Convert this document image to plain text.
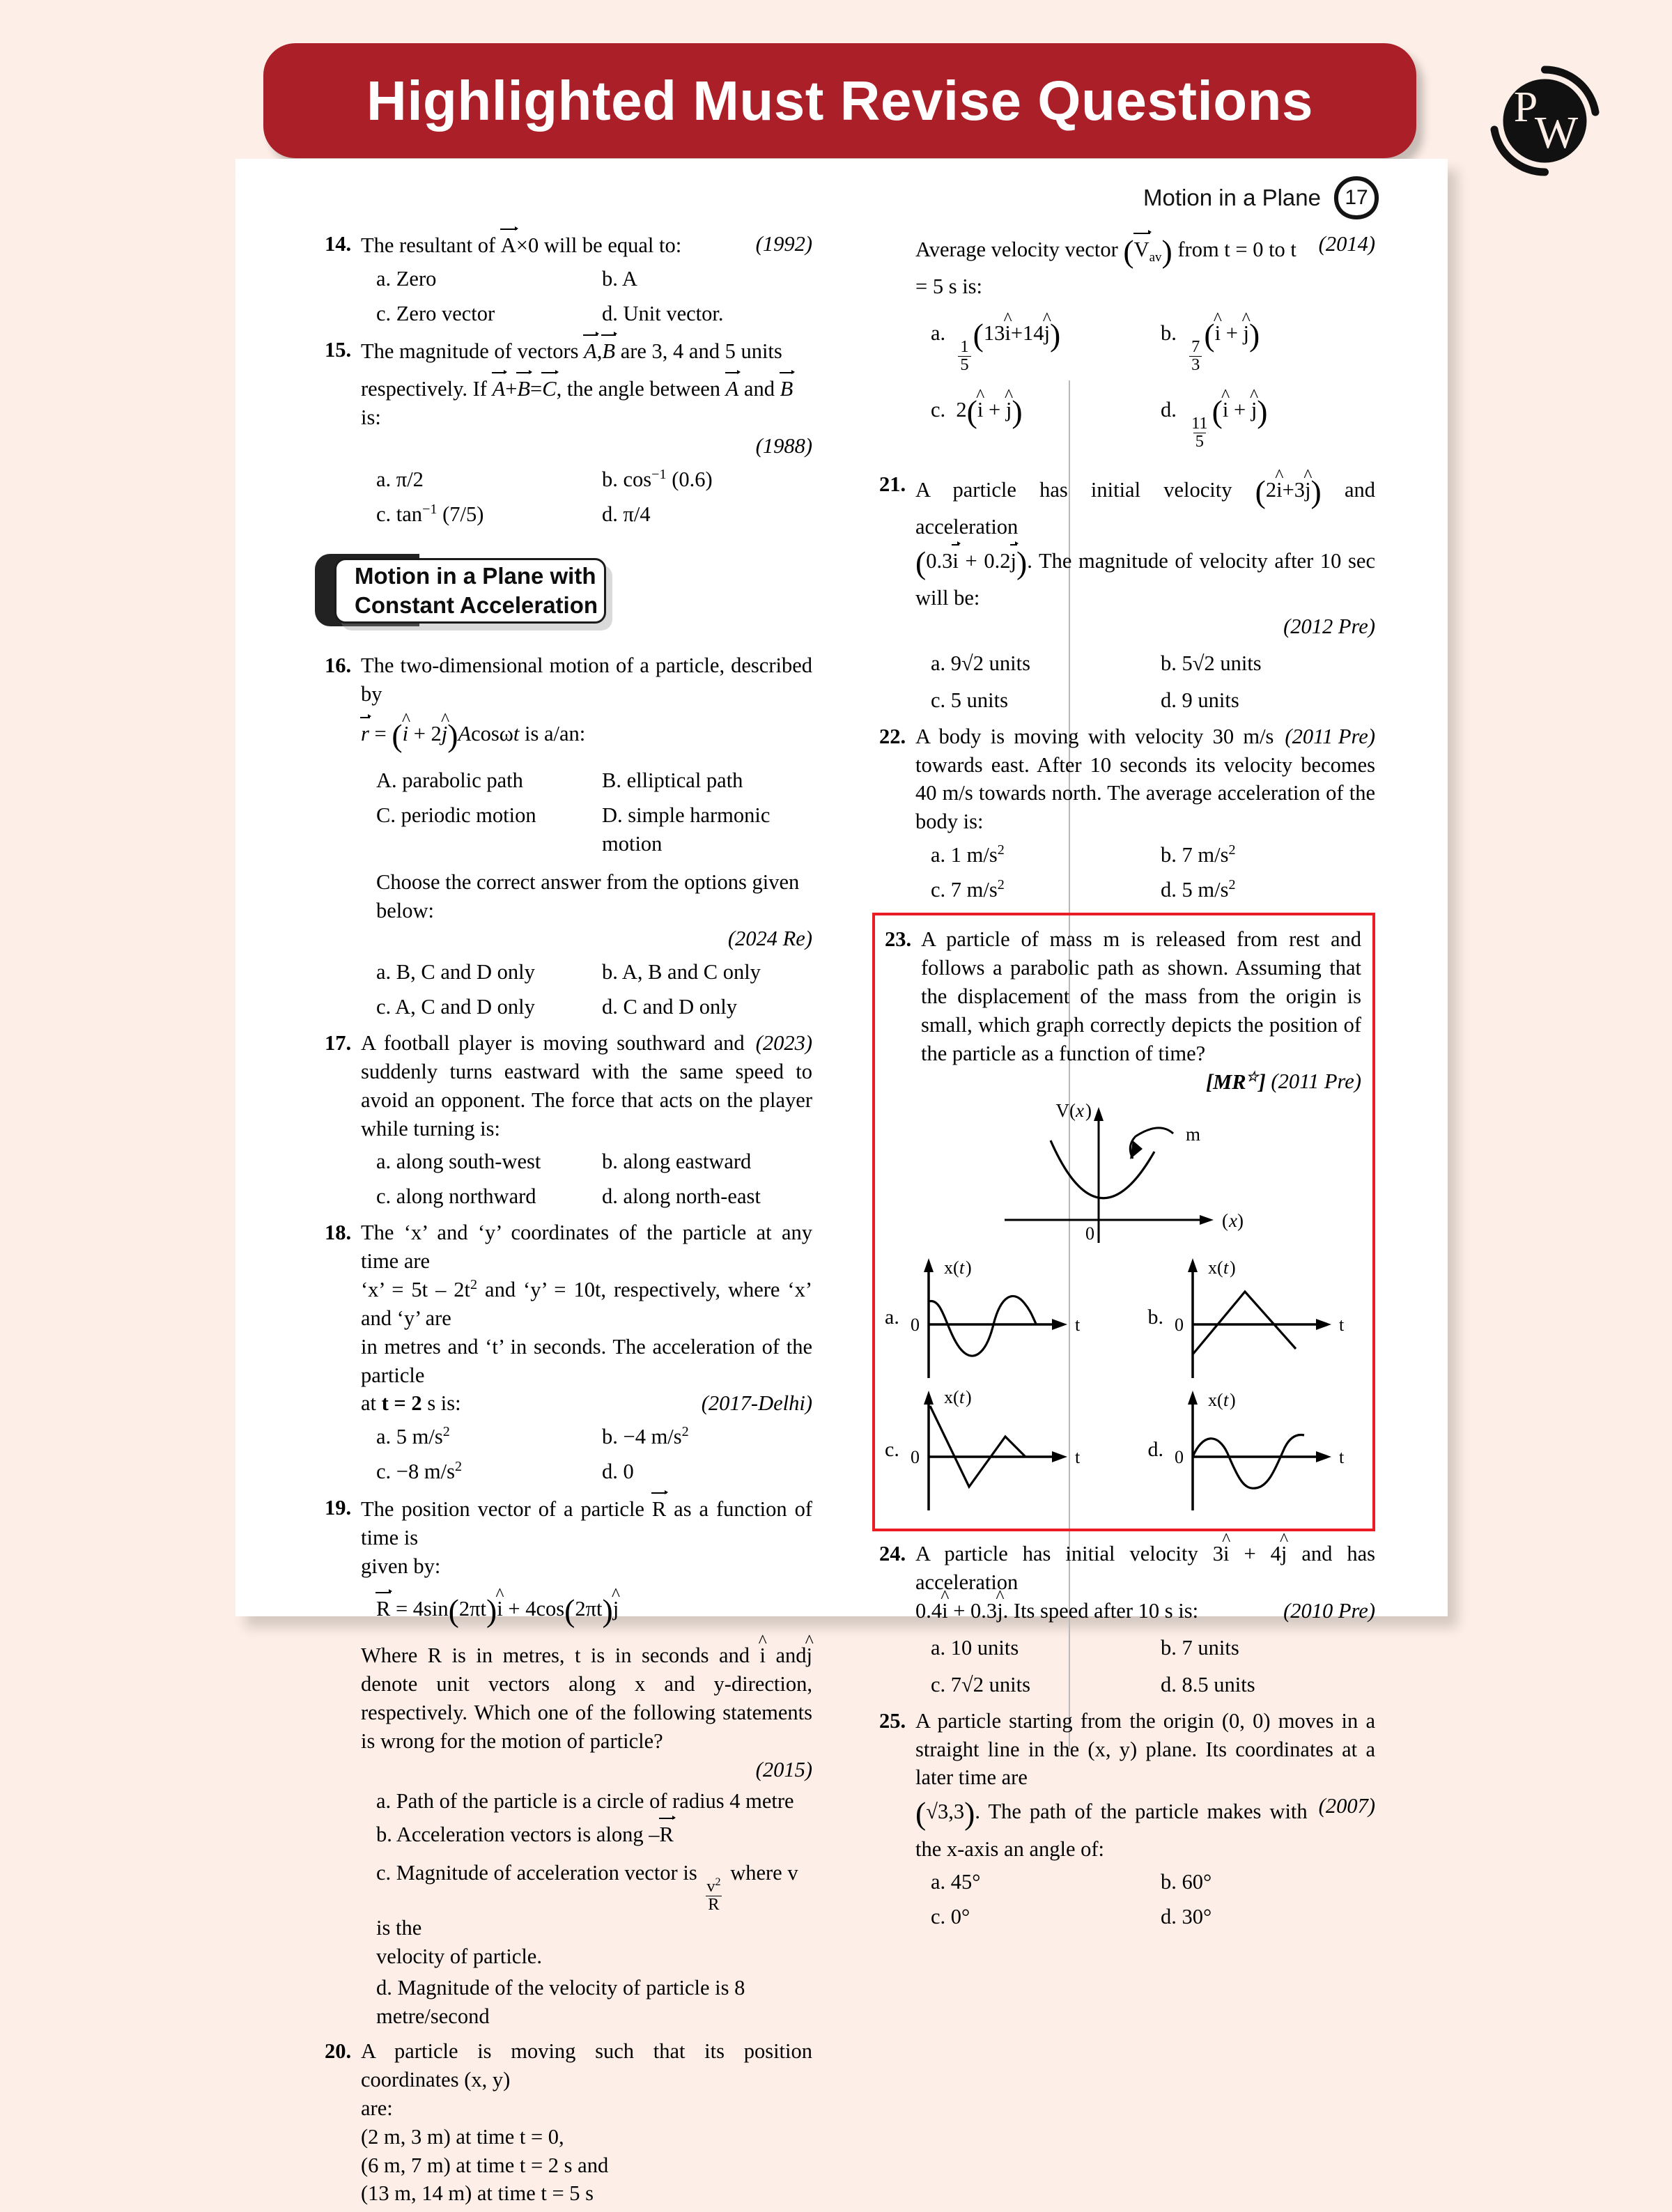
Highlighted Must Revise Questions	P
W
Motion in a Plane	17
14.	(1992)
The resultant of A×0 will be equal to:
a. Zero	b. A
c. Zero vector	d. Unit vector.
15. The magnitude of vectors A,B are 3, 4 and 5 units
respectively. If A+B=C, the angle between A and B is:
(1988)
a. π/2	b. $\cos^{-1} (0.6)$
c. $\tan^{-1} (7/5)$	d. π/4
Motion in a Plane with
Constant Acceleration
16. The two-dimensional motion of a particle, described by
r = (^ i + 2^ j)Acosωt is a/an:
A. parabolic path	B. elliptical path
C. periodic motion	D. simple harmonic motion
Choose the correct answer from the options given below:
(2024 Re)
a. B, C and D only	b. A, B and C only
c. A, C and D only	d. C and D only
17.	(2023)
A football player is moving southward and suddenly turns eastward with the same speed to avoid an opponent. The force that acts on the player while turning is:
a. along south-west	b. along eastward
c. along northward	d. along north-east
18. The ‘x’ and ‘y’ coordinates of the particle at any time are
‘x’ = $5t - 2t^2$ and ‘y’ = 10t, respectively, where ‘x’ and ‘y’ are
in metres and ‘t’ in seconds. The acceleration of the particle
(2017-Delhi)
at t = 2 s is:
a. 5 $m/s^2$	b. −4 $m/s^2$
c. −8 $m/s^2$	d. 0
19. The position vector of a particle R as a function of time is
given by:
R = 4sin(2πt)^ i + 4cos(2πt)^ j
Where R is in metres, t is in seconds and ^ i and^ j denote unit vectors along x and y-direction, respectively. Which one of the following statements is wrong for the motion of particle?
(2015)
a. Path of the particle is a circle of radius 4 metre
b. Acceleration vectors is along –R
c. Magnitude of acceleration vector is
$\frac{v^2}{R}$
where v is the
velocity of particle.
d. Magnitude of the velocity of particle is 8 metre/second
20. A particle is moving such that its position coordinates (x, y)
are:
(2 m, 3 m) at time t = 0,
(6 m, 7 m) at time t = 2 s and
(13 m, 14 m) at time t = 5 s
(2014)
Average velocity vector $(V_{av})$ from t = 0 to t = 5 s is:
a.
$\frac{1}{5}$
(13^ i+14^ j)	b.
$\frac{7}{3}$
(^ i + ^ j)
c.  2(^ i + ^ j)	d.
$\frac{11}{5}$
(^ i + ^ j)
21. A particle has initial velocity (2^ i+3^ j) and acceleration
(0.3i + 0.2j). The magnitude of velocity after 10 sec will be:
(2012 Pre)
a. 9√2 units	b. 5√2 units
c. 5 units	d. 9 units
22.	(2011 Pre)
A body is moving with velocity 30 m/s towards east. After 10 seconds its velocity becomes 40 m/s towards north. The average acceleration of the body is:
a. 1 $m/s^2$	b. 7 $m/s^2$
c. 7 $m/s^2$	d. 5 $m/s^2$
23. A particle of mass m is released from rest and follows a parabolic path as shown. Assuming that the displacement of the mass from the origin is small, which graph correctly depicts the position of the particle as a function of time?
[MR☆] (2011 Pre)
V( x )
( x )
0
m
a.
x( t )
0	t	b.
x( t )
0	t
c.
x( t )
0	t	d.
x( t )
0	t
24. A particle has initial velocity 3^ i + 4^ j and has acceleration
(2010 Pre)
0.4^ i + 0.3^ j. Its speed after 10 s is:
a. 10 units	b. 7 units
c. 7√2 units	d. 8.5 units
25. A particle starting from the origin (0, 0) moves in a straight line in the (x, y) plane. Its coordinates at a later time are
(2007)
(√3,3). The path of the particle makes with the x-axis an angle of:
a. 45°	b. 60°
c. 0°	d. 30°
